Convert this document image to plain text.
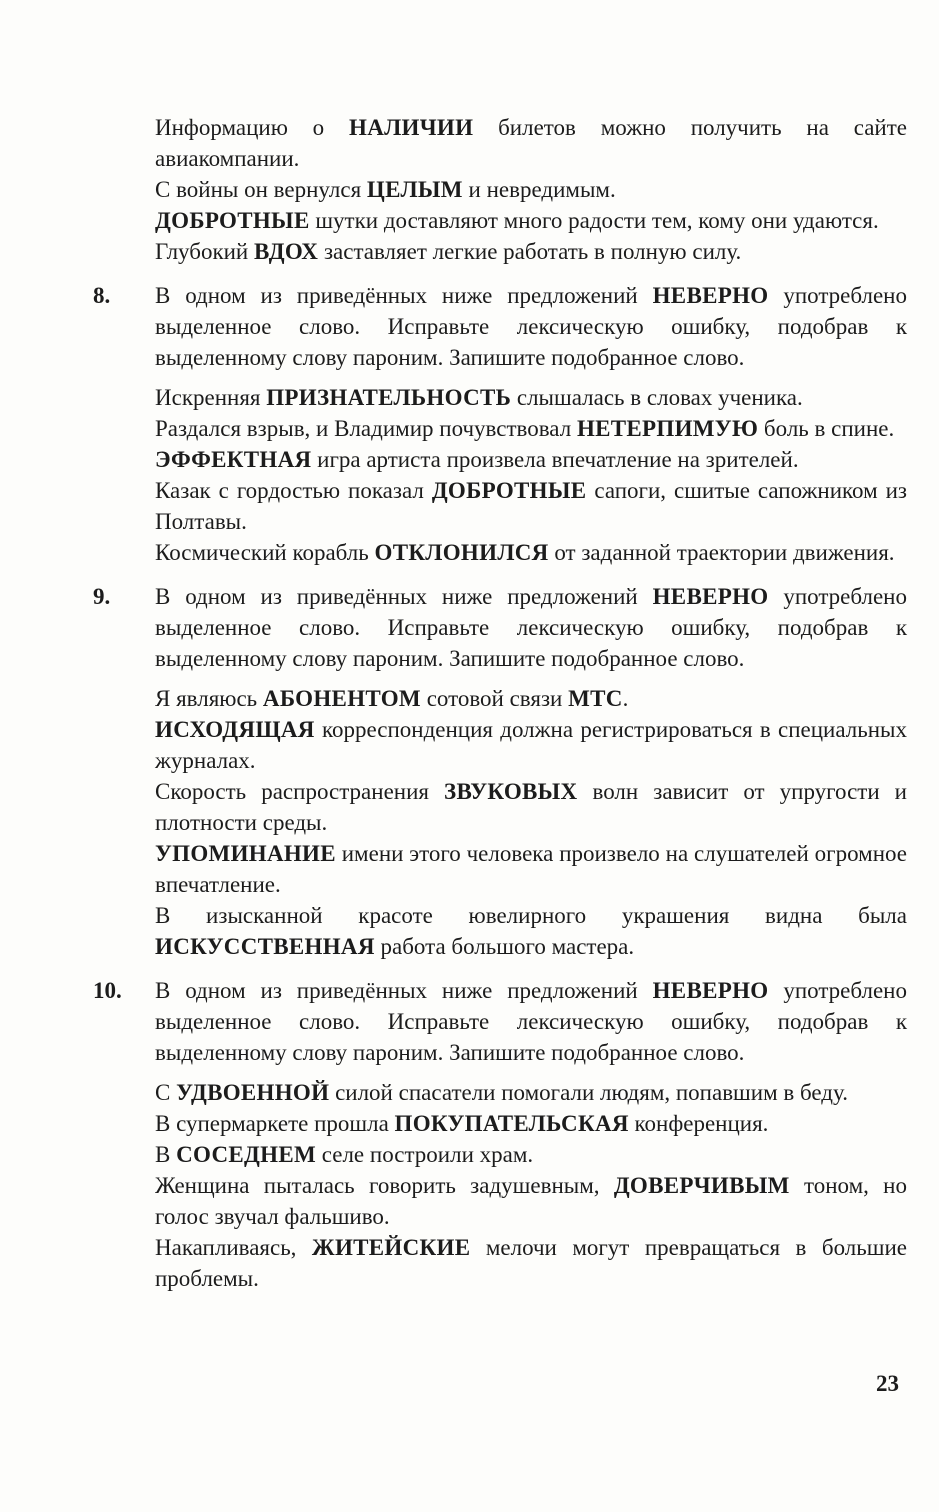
Информацию о НАЛИЧИИ билетов можно получить на сайте авиакомпании.

С войны он вернулся ЦЕЛЫМ и невредимым.

ДОБРОТНЫЕ шутки доставляют много радости тем, кому они удаются.

Глубокий ВДОХ заставляет легкие работать в полную силу.

8. В одном из приведённых ниже предложений НЕВЕРНО употреблено выделенное слово. Исправьте лексическую ошибку, подобрав к выделенному слову пароним. Запишите подобранное слово.

Искренняя ПРИЗНАТЕЛЬНОСТЬ слышалась в словах ученика.

Раздался взрыв, и Владимир почувствовал НЕТЕРПИМУЮ боль в спине.

ЭФФЕКТНАЯ игра артиста произвела впечатление на зрителей.

Казак с гордостью показал ДОБРОТНЫЕ сапоги, сшитые сапожником из Полтавы.

Космический корабль ОТКЛОНИЛСЯ от заданной траектории движения.

9. В одном из приведённых ниже предложений НЕВЕРНО употреблено выделенное слово. Исправьте лексическую ошибку, подобрав к выделенному слову пароним. Запишите подобранное слово.

Я являюсь АБОНЕНТОМ сотовой связи МТС.

ИСХОДЯЩАЯ корреспонденция должна регистрироваться в специальных журналах.

Скорость распространения ЗВУКОВЫХ волн зависит от упругости и плотности среды.

УПОМИНАНИЕ имени этого человека произвело на слушателей огромное впечатление.

В изысканной красоте ювелирного украшения видна была ИСКУССТВЕННАЯ работа большого мастера.

10. В одном из приведённых ниже предложений НЕВЕРНО употреблено выделенное слово. Исправьте лексическую ошибку, подобрав к выделенному слову пароним. Запишите подобранное слово.

С УДВОЕННОЙ силой спасатели помогали людям, попавшим в беду.

В супермаркете прошла ПОКУПАТЕЛЬСКАЯ конференция.

В СОСЕДНЕМ селе построили храм.

Женщина пыталась говорить задушевным, ДОВЕРЧИВЫМ тоном, но голос звучал фальшиво.

Накапливаясь, ЖИТЕЙСКИЕ мелочи могут превращаться в большие проблемы.

23
